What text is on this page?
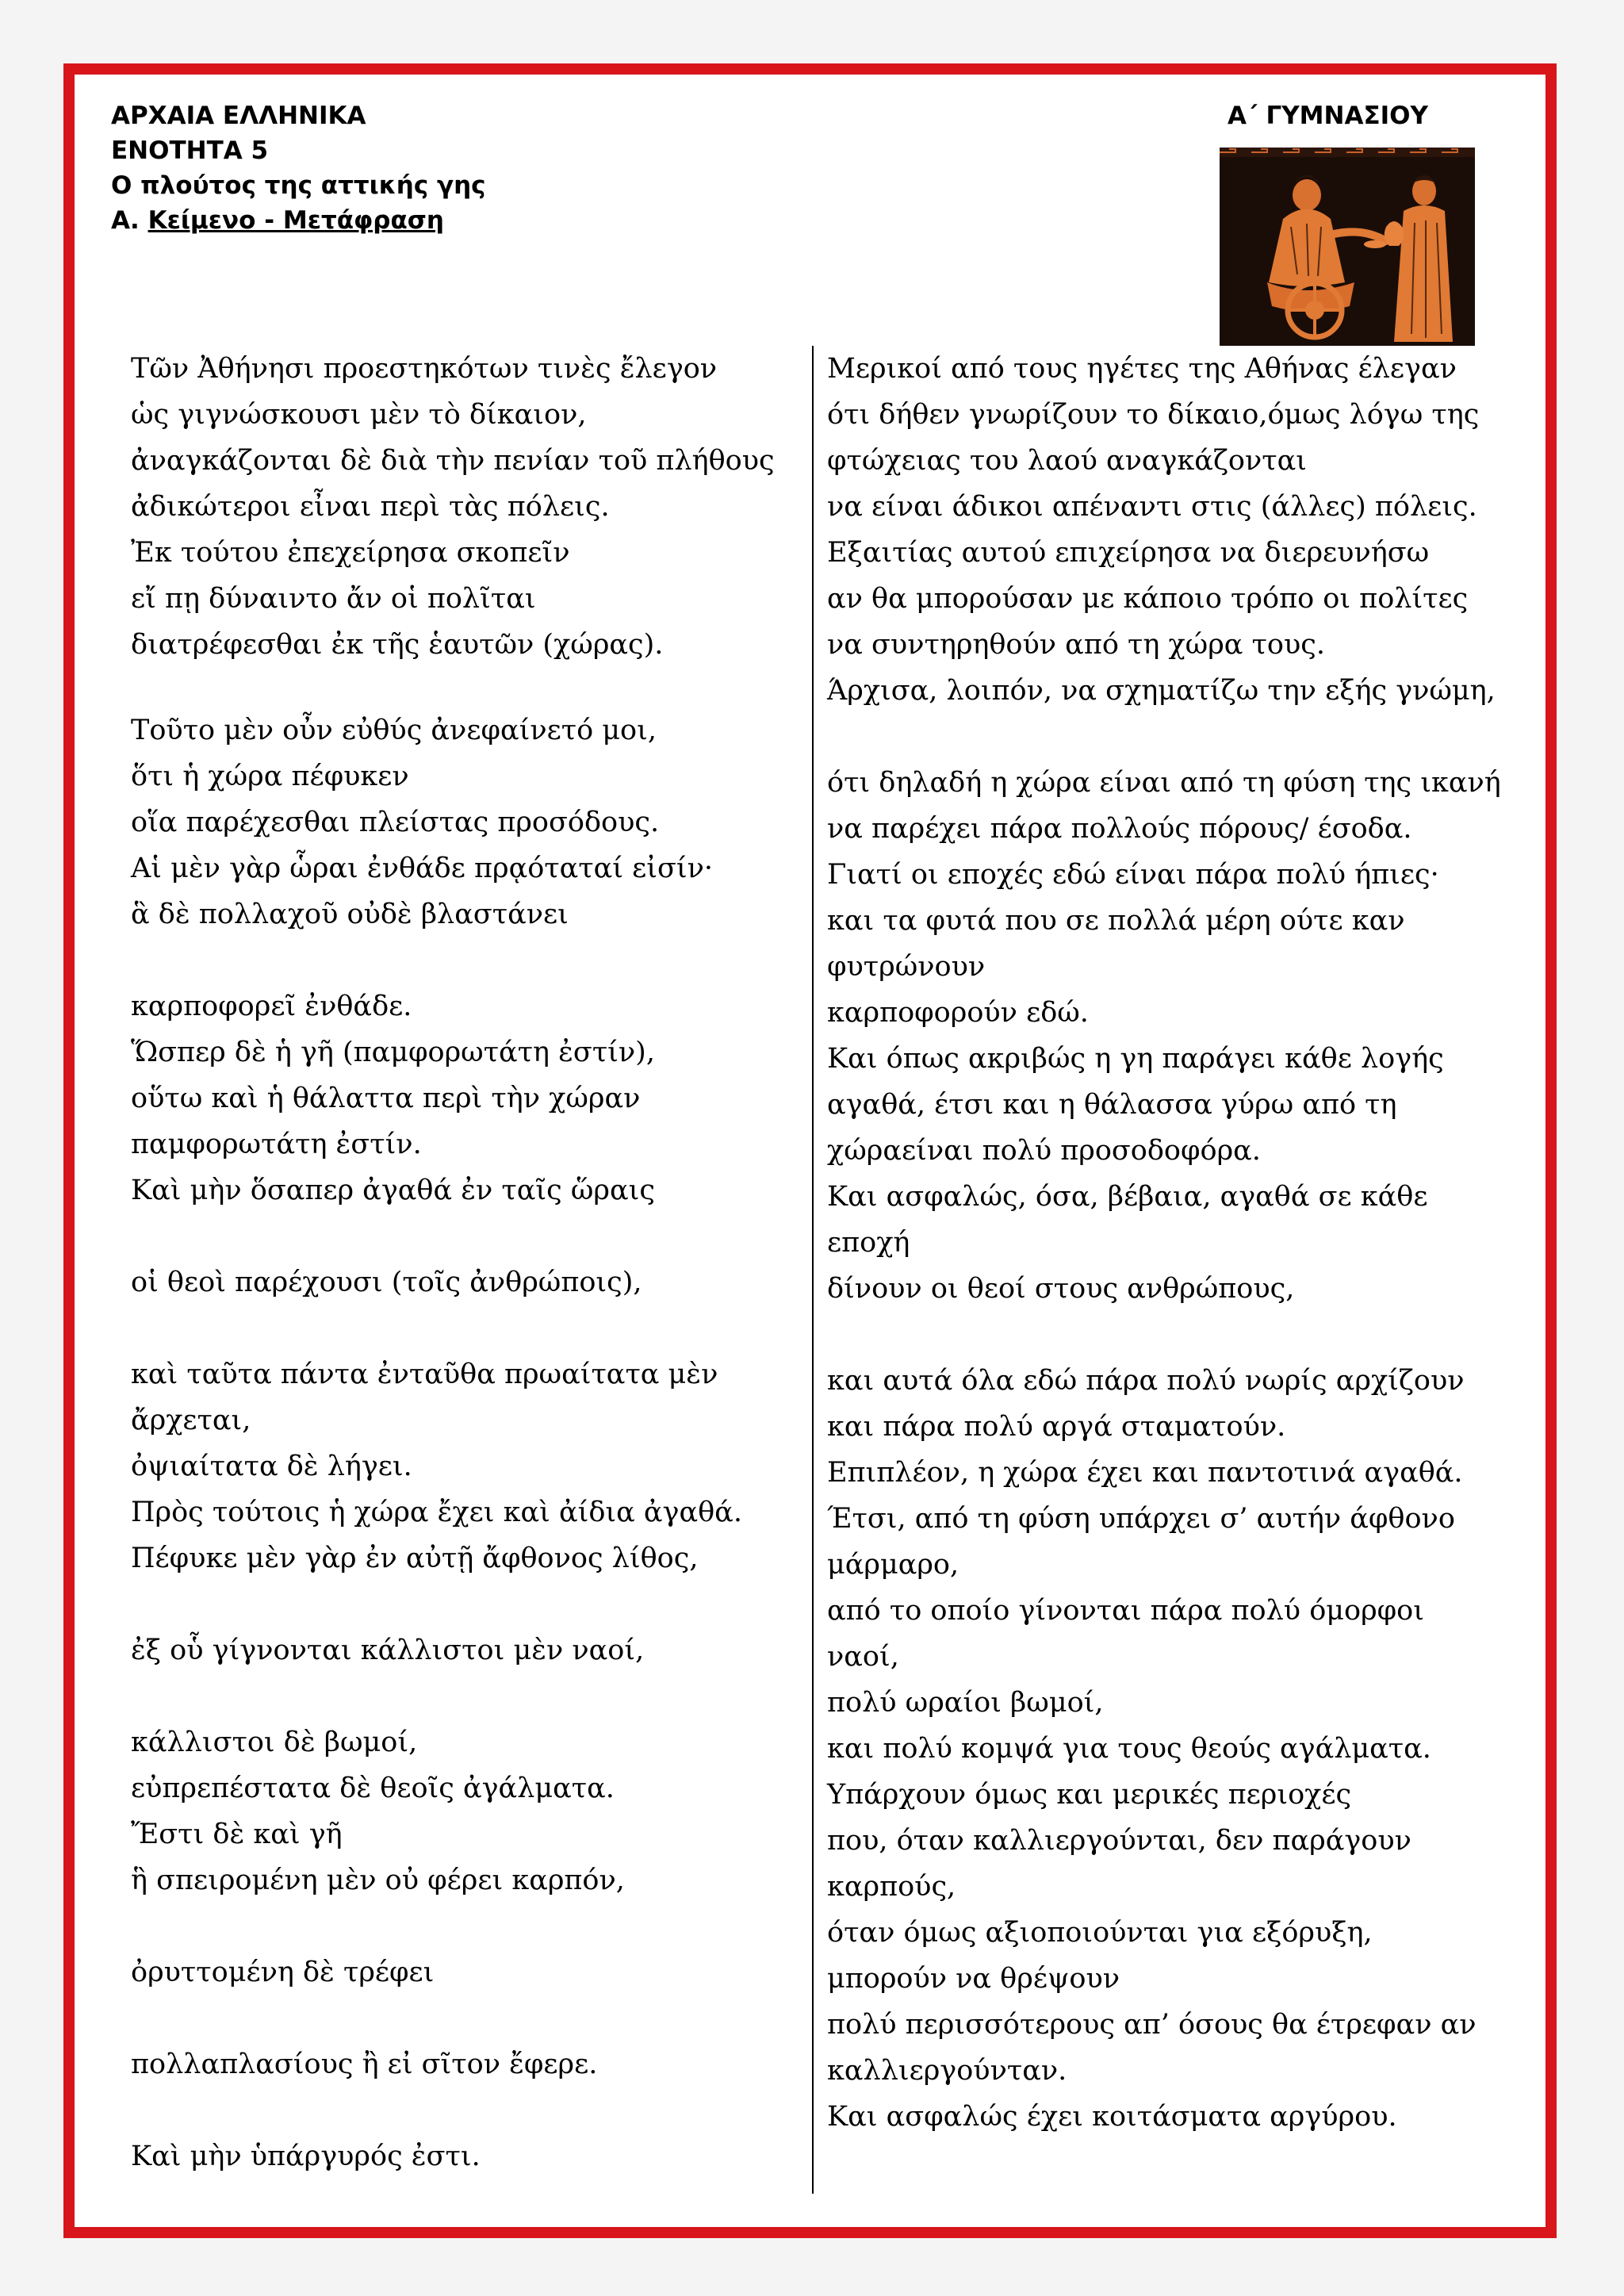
ΑΡΧΑΙΑ ΕΛΛΗΝΙΚΑ
ΕΝΟΤΗΤΑ 5
Ο πλούτος της αττικής γης
Α. Κείμενο - Μετάφραση
Α΄ ΓΥΜΝΑΣΙΟΥ
Τῶν Ἀθήνησι προεστηκότων τινὲς ἔλεγον
ὡς γιγνώσκουσι μὲν τὸ δίκαιον,
ἀναγκάζονται δὲ διὰ τὴν πενίαν τοῦ πλήθους
ἀδικώτεροι εἶναι περὶ τὰς πόλεις.
Ἐκ τούτου ἐπεχείρησα σκοπεῖν
εἴ πῃ δύναιντο ἄν οἱ πολῖται
διατρέφεσθαι ἐκ τῆς ἑαυτῶν (χώρας).
Τοῦτο μὲν οὖν εὐθύς ἀνεφαίνετό μοι,
ὅτι ἡ χώρα πέφυκεν
οἵα παρέχεσθαι πλείστας προσόδους.
Αἱ μὲν γὰρ ὧραι ἐνθάδε πρᾳόταταί εἰσίν·
ἃ δὲ πολλαχοῦ οὐδὲ βλαστάνει
καρποφορεῖ ἐνθάδε.
Ὥσπερ δὲ ἡ γῆ (παμφορωτάτη ἐστίν),
οὕτω καὶ ἡ θάλαττα περὶ τὴν χώραν
παμφορωτάτη ἐστίν.
Καὶ μὴν ὅσαπερ ἀγαθά ἐν ταῖς ὥραις
οἱ θεοὶ παρέχουσι (τοῖς ἀνθρώποις),
καὶ ταῦτα πάντα ἐνταῦθα πρωαίτατα μὲν
ἄρχεται,
ὀψιαίτατα δὲ λήγει.
Πρὸς τούτοις ἡ χώρα ἔχει καὶ ἀίδια ἀγαθά.
Πέφυκε μὲν γὰρ ἐν αὐτῇ ἄφθονος λίθος,
ἐξ οὗ γίγνονται κάλλιστοι μὲν ναοί,
κάλλιστοι δὲ βωμοί,
εὐπρεπέστατα δὲ θεοῖς ἀγάλματα.
Ἔστι δὲ καὶ γῆ
ἣ σπειρομένη μὲν οὐ φέρει καρπόν,
ὀρυττομένη δὲ τρέφει
πολλαπλασίους ἢ εἰ σῖτον ἔφερε.
Καὶ μὴν ὑπάργυρός ἐστι.
Μερικοί από τους ηγέτες της Αθήνας έλεγαν
ότι δήθεν γνωρίζουν το δίκαιο,όμως λόγω της
φτώχειας του λαού αναγκάζονται
να είναι άδικοι απέναντι στις (άλλες) πόλεις.
Εξαιτίας αυτού επιχείρησα να διερευνήσω
αν θα μπορούσαν με κάποιο τρόπο οι πολίτες
να συντηρηθούν από τη χώρα τους.
Άρχισα, λοιπόν, να σχηματίζω την εξής γνώμη,
ότι δηλαδή η χώρα είναι από τη φύση της ικανή
να παρέχει πάρα πολλούς πόρους/ έσοδα.
Γιατί οι εποχές εδώ είναι πάρα πολύ ήπιες·
και τα φυτά που σε πολλά μέρη ούτε καν
φυτρώνουν
καρποφορούν εδώ.
Και όπως ακριβώς η γη παράγει κάθε λογής
αγαθά, έτσι και η θάλασσα γύρω από τη
χώραείναι πολύ προσοδοφόρα.
Και ασφαλώς, όσα, βέβαια, αγαθά σε κάθε
εποχή
δίνουν οι θεοί στους ανθρώπους,
και αυτά όλα εδώ πάρα πολύ νωρίς αρχίζουν
και πάρα πολύ αργά σταματούν.
Επιπλέον, η χώρα έχει και παντοτινά αγαθά.
Έτσι, από τη φύση υπάρχει σ’ αυτήν άφθονο
μάρμαρο,
από το οποίο γίνονται πάρα πολύ όμορφοι
ναοί,
πολύ ωραίοι βωμοί,
και πολύ κομψά για τους θεούς αγάλματα.
Υπάρχουν όμως και μερικές περιοχές
που, όταν καλλιεργούνται, δεν παράγουν
καρπούς,
όταν όμως αξιοποιούνται για εξόρυξη,
μπορούν να θρέψουν
πολύ περισσότερους απ’ όσους θα έτρεφαν αν
καλλιεργούνταν.
Και ασφαλώς έχει κοιτάσματα αργύρου.
